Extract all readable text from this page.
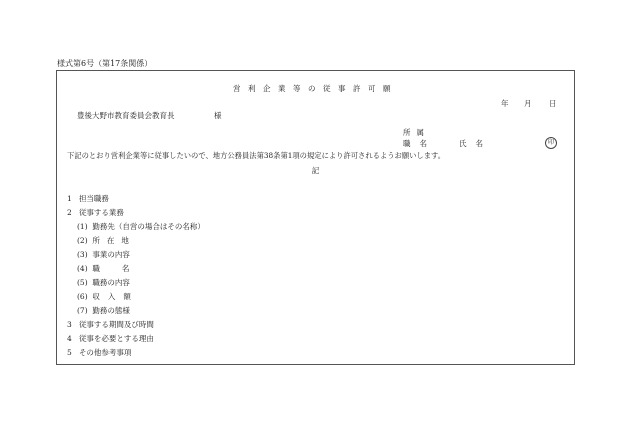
様式第6号（第17条関係）
営利企業等の従事許可願
年 月 日
豊後大野市教育委員会教育長	様
所属
職名	氏名	印
下記のとおり営利企業等に従事したいので、地方公務員法第38条第1項の規定により許可されるようお願いします。
記
1 担当職務
2 従事する業務
(1) 勤務先（自営の場合はその名称）
(2) 所在地
(3) 事業の内容
(4) 職名
(5) 職務の内容
(6) 収入額
(7) 勤務の態様
3 従事する期間及び時間
4 従事を必要とする理由
5 その他参考事項
